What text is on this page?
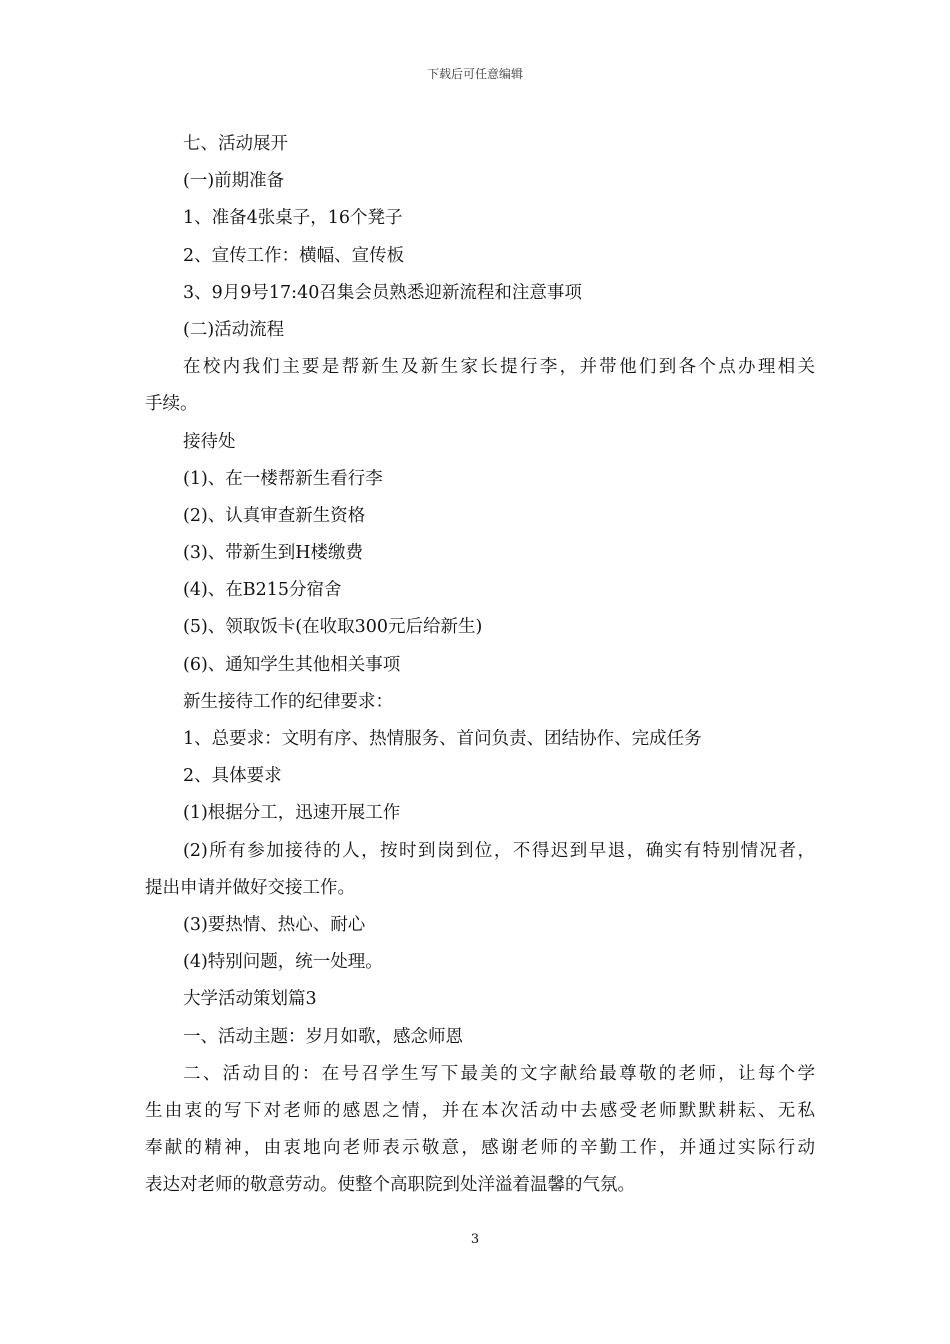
下载后可任意编辑
七、活动展开
(一)前期准备
1、准备4张桌子，16个凳子
2、宣传工作：横幅、宣传板
3、9月9号17:40召集会员熟悉迎新流程和注意事项
(二)活动流程
在校内我们主要是帮新生及新生家长提行李，并带他们到各个点办理相关
手续。
接待处
(1)、在一楼帮新生看行李
(2)、认真审查新生资格
(3)、带新生到H楼缴费
(4)、在B215分宿舍
(5)、领取饭卡(在收取300元后给新生)
(6)、通知学生其他相关事项
新生接待工作的纪律要求：
1、总要求：文明有序、热情服务、首问负责、团结协作、完成任务
2、具体要求
(1)根据分工，迅速开展工作
(2)所有参加接待的人，按时到岗到位，不得迟到早退，确实有特别情况者，
提出申请并做好交接工作。
(3)要热情、热心、耐心
(4)特别问题，统一处理。
大学活动策划篇3
一、活动主题：岁月如歌，感念师恩
二、活动目的：在号召学生写下最美的文字献给最尊敬的老师，让每个学
生由衷的写下对老师的感恩之情，并在本次活动中去感受老师默默耕耘、无私
奉献的精神，由衷地向老师表示敬意，感谢老师的辛勤工作，并通过实际行动
表达对老师的敬意劳动。使整个高职院到处洋溢着温馨的气氛。
3
